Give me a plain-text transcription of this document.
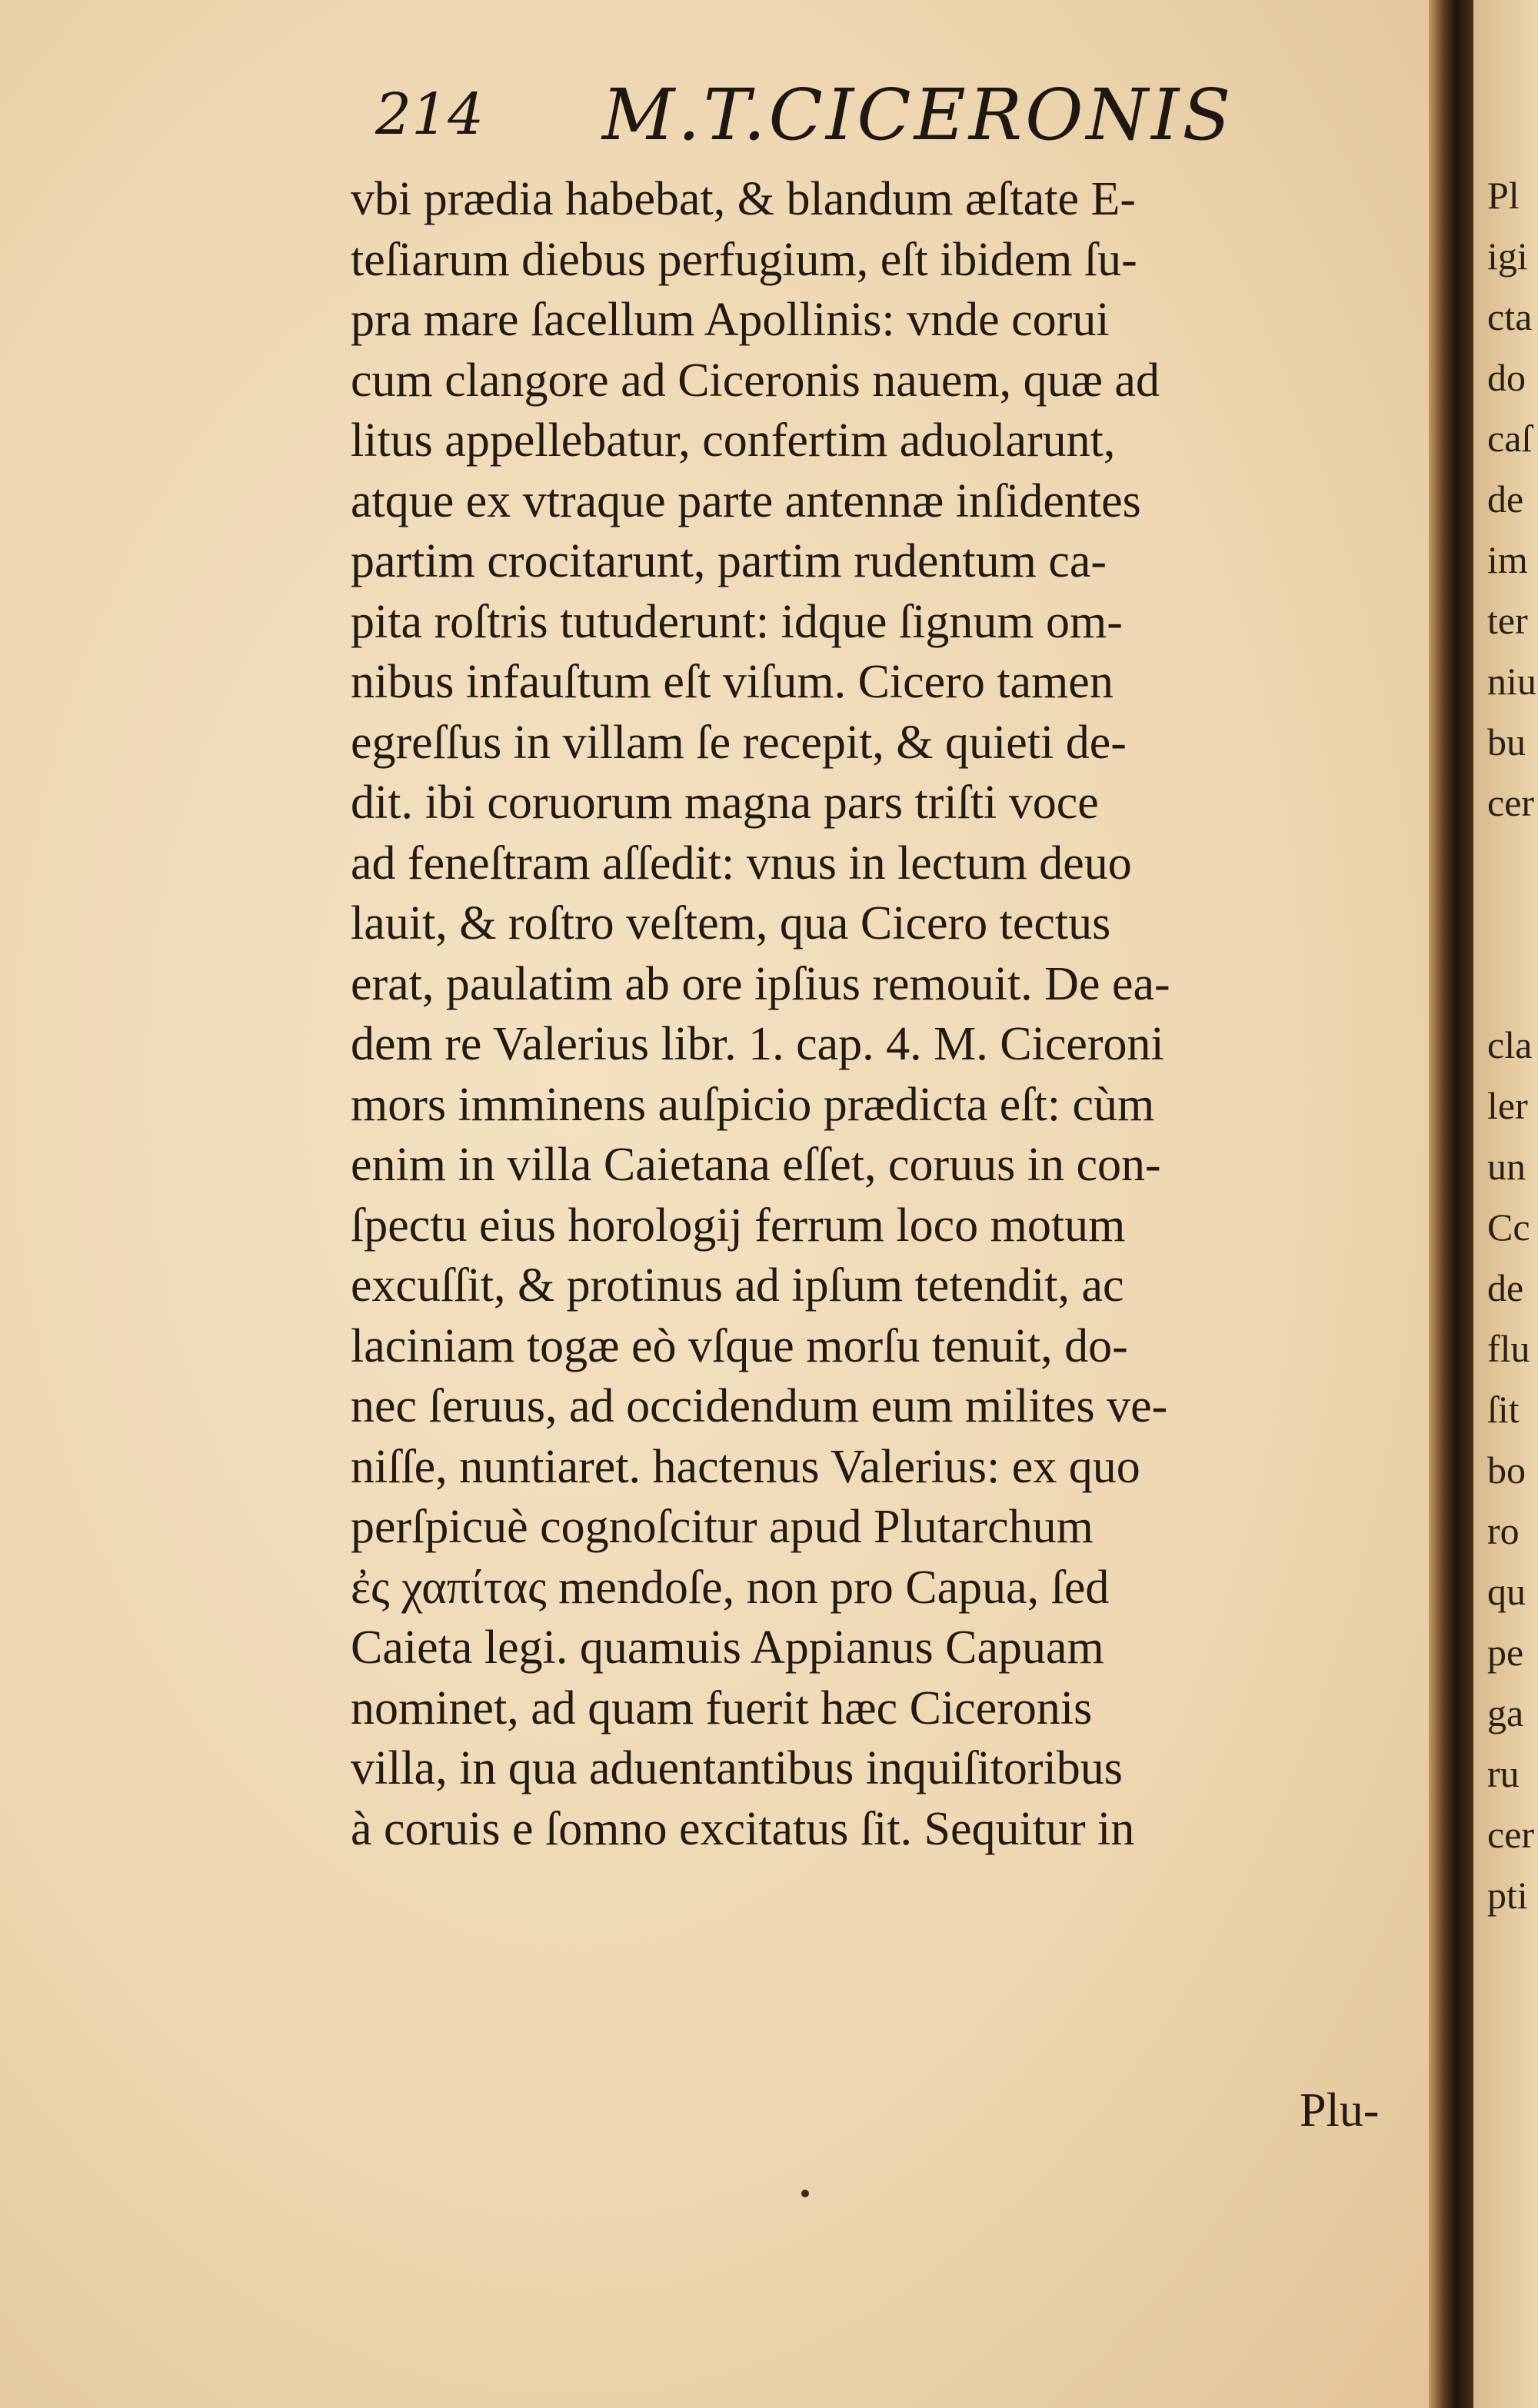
214 M.T.CICERONIS
vbi prædia habebat, & blandum æſtate E-
teſiarum diebus perfugium, eſt ibidem ſu-
pra mare ſacellum Apollinis: vnde corui
cum clangore ad Ciceronis nauem, quæ ad
litus appellebatur, confertim aduolarunt,
atque ex vtraque parte antennæ inſidentes
partim crocitarunt, partim rudentum ca-
pita roſtris tutuderunt: idque ſignum om-
nibus infauſtum eſt viſum. Cicero tamen
egreſſus in villam ſe recepit, & quieti de-
dit. ibi coruorum magna pars triſti voce
ad feneſtram aſſedit: vnus in lectum deuo
lauit, & roſtro veſtem, qua Cicero tectus
erat, paulatim ab ore ipſius remouit. De ea-
dem re Valerius libr. 1. cap. 4. M. Ciceroni
mors imminens auſpicio prædicta eſt: cùm
enim in villa Caietana eſſet, coruus in con-
ſpectu eius horologij ferrum loco motum
excuſſit, & protinus ad ipſum tetendit, ac
laciniam togæ eò vſque morſu tenuit, do-
nec ſeruus, ad occidendum eum milites ve-
niſſe, nuntiaret. hactenus Valerius: ex quo
perſpicuè cognoſcitur apud Plutarchum
ἐς χαπίτας mendoſe, non pro Capua, ſed
Caieta legi. quamuis Appianus Capuam
nominet, ad quam fuerit hæc Ciceronis
villa, in qua aduentantibus inquiſitoribus
à coruis e ſomno excitatus ſit. Sequitur in
Plu-
Pl
igi
cta
do
caſ
de
im
ter
niu
bu
cer
cla
ler
un
Cc
de
flu
ſit
bo
ro
qu
pe
ga
ru
cer
pti
